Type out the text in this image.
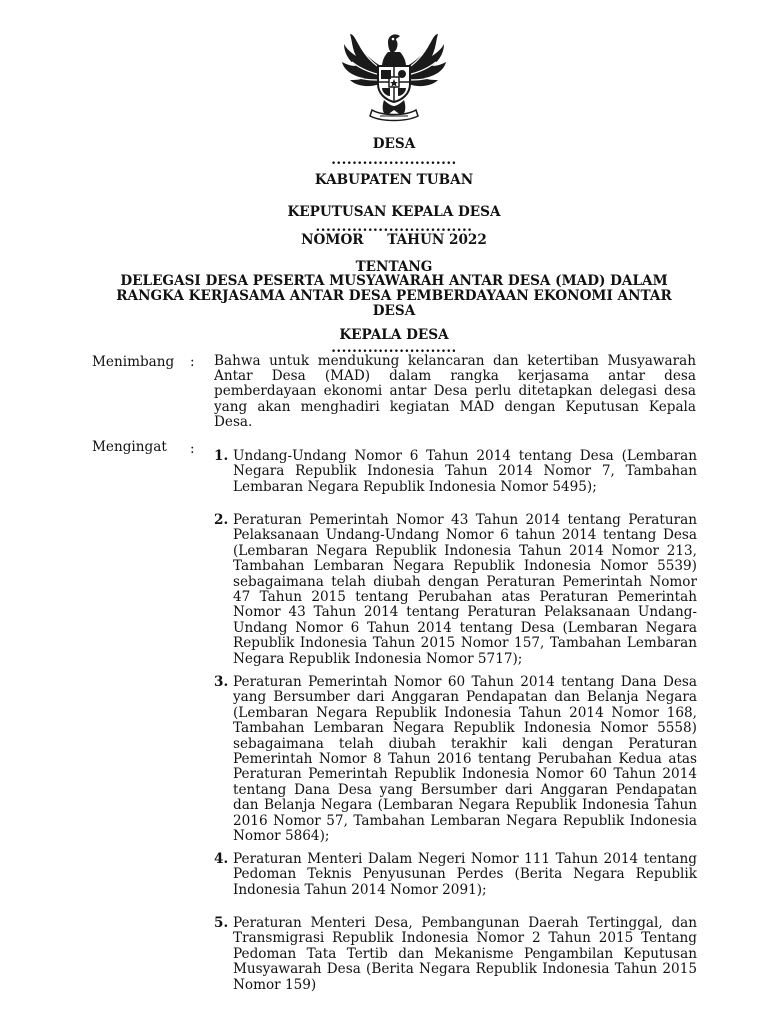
DESA
........................
KABUPATEN TUBAN
KEPUTUSAN KEPALA DESA
..............................
NOMOR     TAHUN 2022
TENTANG
DELEGASI DESA PESERTA MUSYAWARAH ANTAR DESA (MAD) DALAM
RANGKA KERJASAMA ANTAR DESA PEMBERDAYAAN EKONOMI ANTAR
DESA
KEPALA DESA
........................
Menimbang : Bahwa untuk mendukung kelancaran dan ketertiban Musyawarah Antar Desa (MAD) dalam rangka kerjasama antar desa pemberdayaan ekonomi antar Desa perlu ditetapkan delegasi desa yang akan menghadiri kegiatan MAD dengan Keputusan Kepala Desa.
Mengingat : 1. Undang-Undang Nomor 6 Tahun 2014 tentang Desa (Lembaran Negara Republik Indonesia Tahun 2014 Nomor 7, Tambahan Lembaran Negara Republik Indonesia Nomor 5495);
2. Peraturan Pemerintah Nomor 43 Tahun 2014 tentang Peraturan Pelaksanaan Undang-Undang Nomor 6 tahun 2014 tentang Desa (Lembaran Negara Republik Indonesia Tahun 2014 Nomor 213, Tambahan Lembaran Negara Republik Indonesia Nomor 5539) sebagaimana telah diubah dengan Peraturan Pemerintah Nomor 47 Tahun 2015 tentang Perubahan atas Peraturan Pemerintah Nomor 43 Tahun 2014 tentang Peraturan Pelaksanaan Undang-Undang Nomor 6 Tahun 2014 tentang Desa (Lembaran Negara Republik Indonesia Tahun 2015 Nomor 157, Tambahan Lembaran Negara Republik Indonesia Nomor 5717);
3. Peraturan Pemerintah Nomor 60 Tahun 2014 tentang Dana Desa yang Bersumber dari Anggaran Pendapatan dan Belanja Negara (Lembaran Negara Republik Indonesia Tahun 2014 Nomor 168, Tambahan Lembaran Negara Republik Indonesia Nomor 5558) sebagaimana telah diubah terakhir kali dengan Peraturan Pemerintah Nomor 8 Tahun 2016 tentang Perubahan Kedua atas Peraturan Pemerintah Republik Indonesia Nomor 60 Tahun 2014 tentang Dana Desa yang Bersumber dari Anggaran Pendapatan dan Belanja Negara (Lembaran Negara Republik Indonesia Tahun 2016 Nomor 57, Tambahan Lembaran Negara Republik Indonesia Nomor 5864);
4. Peraturan Menteri Dalam Negeri Nomor 111 Tahun 2014 tentang Pedoman Teknis Penyusunan Perdes (Berita Negara Republik Indonesia Tahun 2014 Nomor 2091);
5. Peraturan Menteri Desa, Pembangunan Daerah Tertinggal, dan Transmigrasi Republik Indonesia Nomor 2 Tahun 2015 Tentang Pedoman Tata Tertib dan Mekanisme Pengambilan Keputusan Musyawarah Desa (Berita Negara Republik Indonesia Tahun 2015 Nomor 159)
